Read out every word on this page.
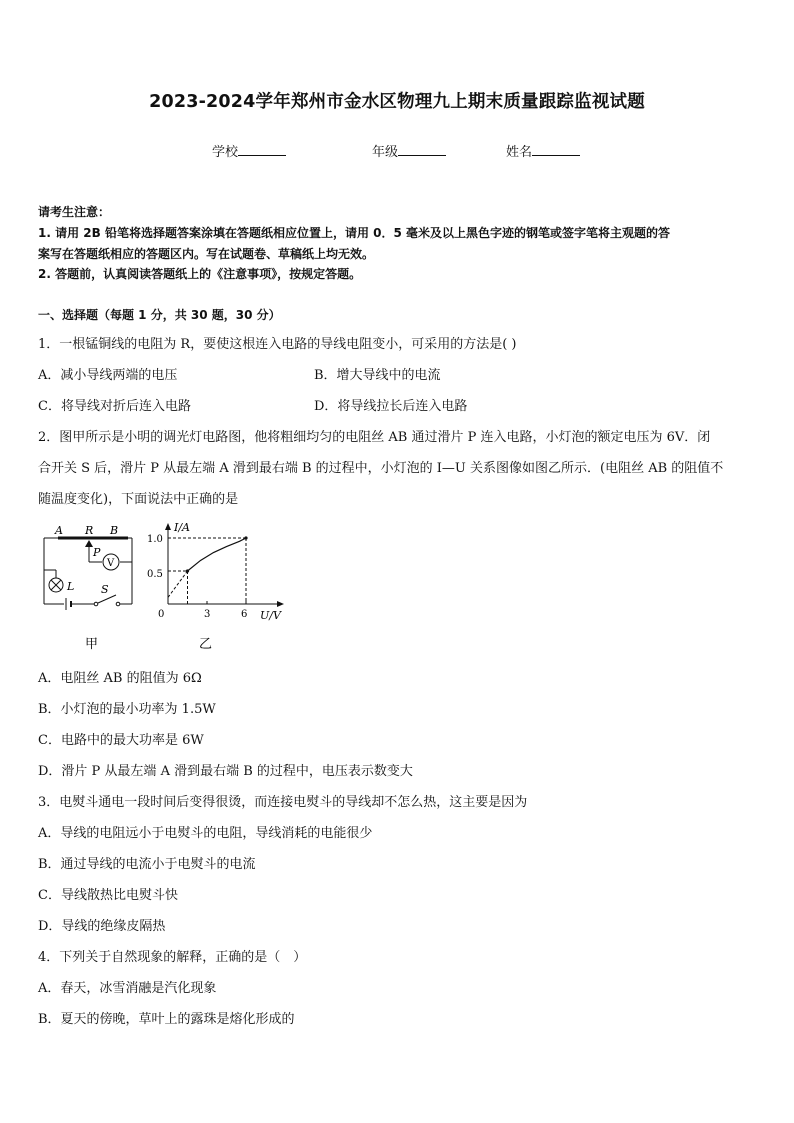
2023-2024学年郑州市金水区物理九上期末质量跟踪监视试题
学校	年级	姓名
请考生注意：
1. 请用 2B 铅笔将选择题答案涂填在答题纸相应位置上，请用 0．5 毫米及以上黑色字迹的钢笔或签字笔将主观题的答
案写在答题纸相应的答题区内。写在试题卷、草稿纸上均无效。
2. 答题前，认真阅读答题纸上的《注意事项》，按规定答题。
一、选择题（每题 1 分，共 30 题，30 分）
1．一根锰铜线的电阻为 R，要使这根连入电路的导线电阻变小，可采用的方法是( )
A．减小导线两端的电压	B．增大导线中的电流
C．将导线对折后连入电路	D．将导线拉长后连入电路
2．图甲所示是小明的调光灯电路图，他将粗细均匀的电阻丝 AB 通过滑片 P 连入电路，小灯泡的额定电压为 6V．闭
合开关 S 后，滑片 P 从最左端 A 滑到最右端 B 的过程中，小灯泡的 I—U 关系图像如图乙所示．(电阻丝 AB 的阻值不
随温度变化)，下面说法中正确的是
A R B
P
V
L S
甲
I/A
U/V
1.0
0.5
0	3	6
乙
A．电阻丝 AB 的阻值为 6Ω
B．小灯泡的最小功率为 1.5W
C．电路中的最大功率是 6W
D．滑片 P 从最左端 A 滑到最右端 B 的过程中，电压表示数变大
3．电熨斗通电一段时间后变得很烫，而连接电熨斗的导线却不怎么热，这主要是因为
A．导线的电阻远小于电熨斗的电阻，导线消耗的电能很少
B．通过导线的电流小于电熨斗的电流
C．导线散热比电熨斗快
D．导线的绝缘皮隔热
4．下列关于自然现象的解释，正确的是（　）
A．春天，冰雪消融是汽化现象
B．夏天的傍晚，草叶上的露珠是熔化形成的
